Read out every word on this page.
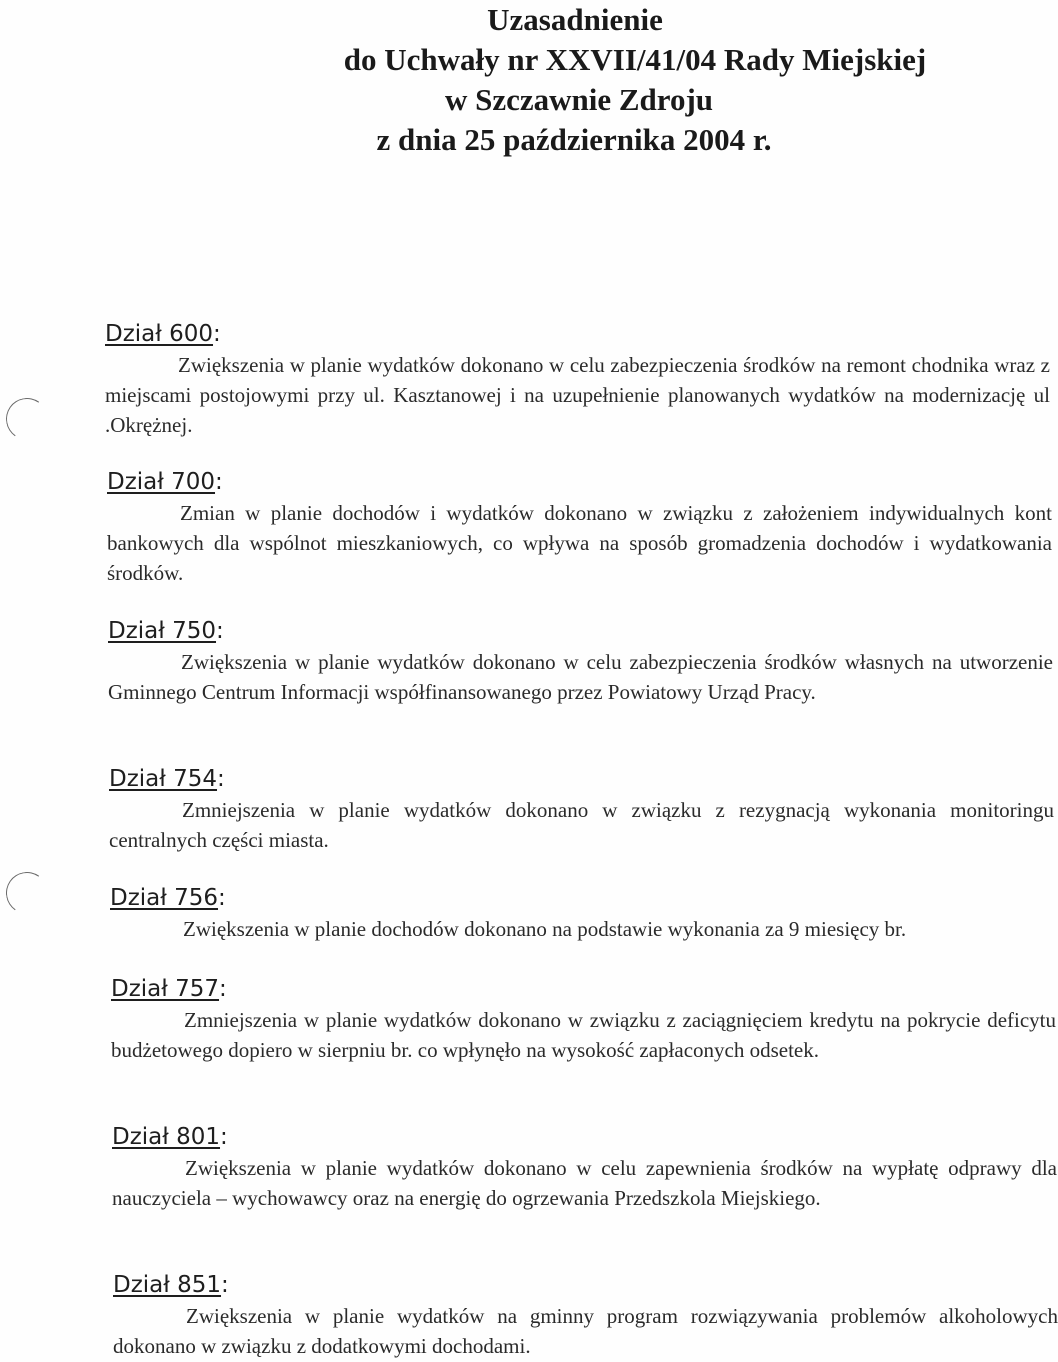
Uzasadnienie
do Uchwały nr XXVII/41/04 Rady Miejskiej
w Szczawnie Zdroju
z dnia 25 października 2004 r.
Dział 600:

Zwiększenia w planie wydatków dokonano w celu zabezpieczenia środków na remont chodnika wraz z miejscami postojowymi przy ul. Kasztanowej i na uzupełnienie planowanych wydatków na modernizację ul .Okrężnej.

Dział 700:

Zmian w planie dochodów i wydatków dokonano w związku z założeniem indywidualnych kont bankowych dla wspólnot mieszkaniowych, co wpływa na sposób gromadzenia dochodów i wydatkowania środków.

Dział 750:

Zwiększenia w planie wydatków dokonano w celu zabezpieczenia środków własnych na utworzenie Gminnego Centrum Informacji współfinansowanego przez Powiatowy Urząd Pracy.

Dział 754:

Zmniejszenia w planie wydatków dokonano w związku z rezygnacją wykonania monitoringu centralnych części miasta.

Dział 756:

Zwiększenia w planie dochodów dokonano na podstawie wykonania za 9 miesięcy br.

Dział 757:

Zmniejszenia w planie wydatków dokonano w związku z zaciągnięciem kredytu na pokrycie deficytu budżetowego dopiero w sierpniu br. co wpłynęło na wysokość zapłaconych odsetek.

Dział 801:

Zwiększenia w planie wydatków dokonano w celu zapewnienia środków na wypłatę odprawy dla nauczyciela – wychowawcy oraz na energię do ogrzewania Przedszkola Miejskiego.

Dział 851:

Zwiększenia w planie wydatków na gminny program rozwiązywania problemów alkoholowych dokonano w związku z dodatkowymi dochodami.
